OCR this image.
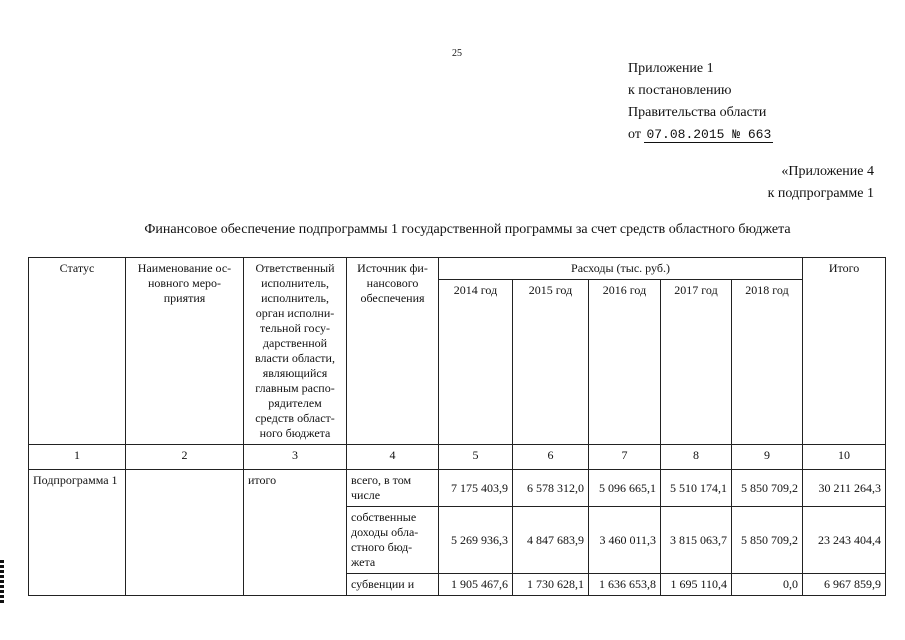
25
Приложение 1
к постановлению
Правительства области
от 07.08.2015 № 663
«Приложение 4
к подпрограмме 1
Финансовое обеспечение подпрограммы 1 государственной программы за счет средств областного бюджета
Статус	Наименование ос-новного меро-приятия	Ответственный исполнитель, исполнитель, орган исполни-тельной госу-дарственной власти области, являющийся главным распо-рядителем средств област-ного бюджета	Источник фи-нансового обеспечения	Расходы (тыс. руб.)					Итого
				2014 год	2015 год	2016 год	2017 год	2018 год	
1	2	3	4	5	6	7	8	9	10
Подпрограмма 1		итого	всего, в том числе	7 175 403,9	6 578 312,0	5 096 665,1	5 510 174,1	5 850 709,2	30 211 264,3
			собственные доходы обла-стного бюд-жета	5 269 936,3	4 847 683,9	3 460 011,3	3 815 063,7	5 850 709,2	23 243 404,4
			субвенции и	1 905 467,6	1 730 628,1	1 636 653,8	1 695 110,4	0,0	6 967 859,9
